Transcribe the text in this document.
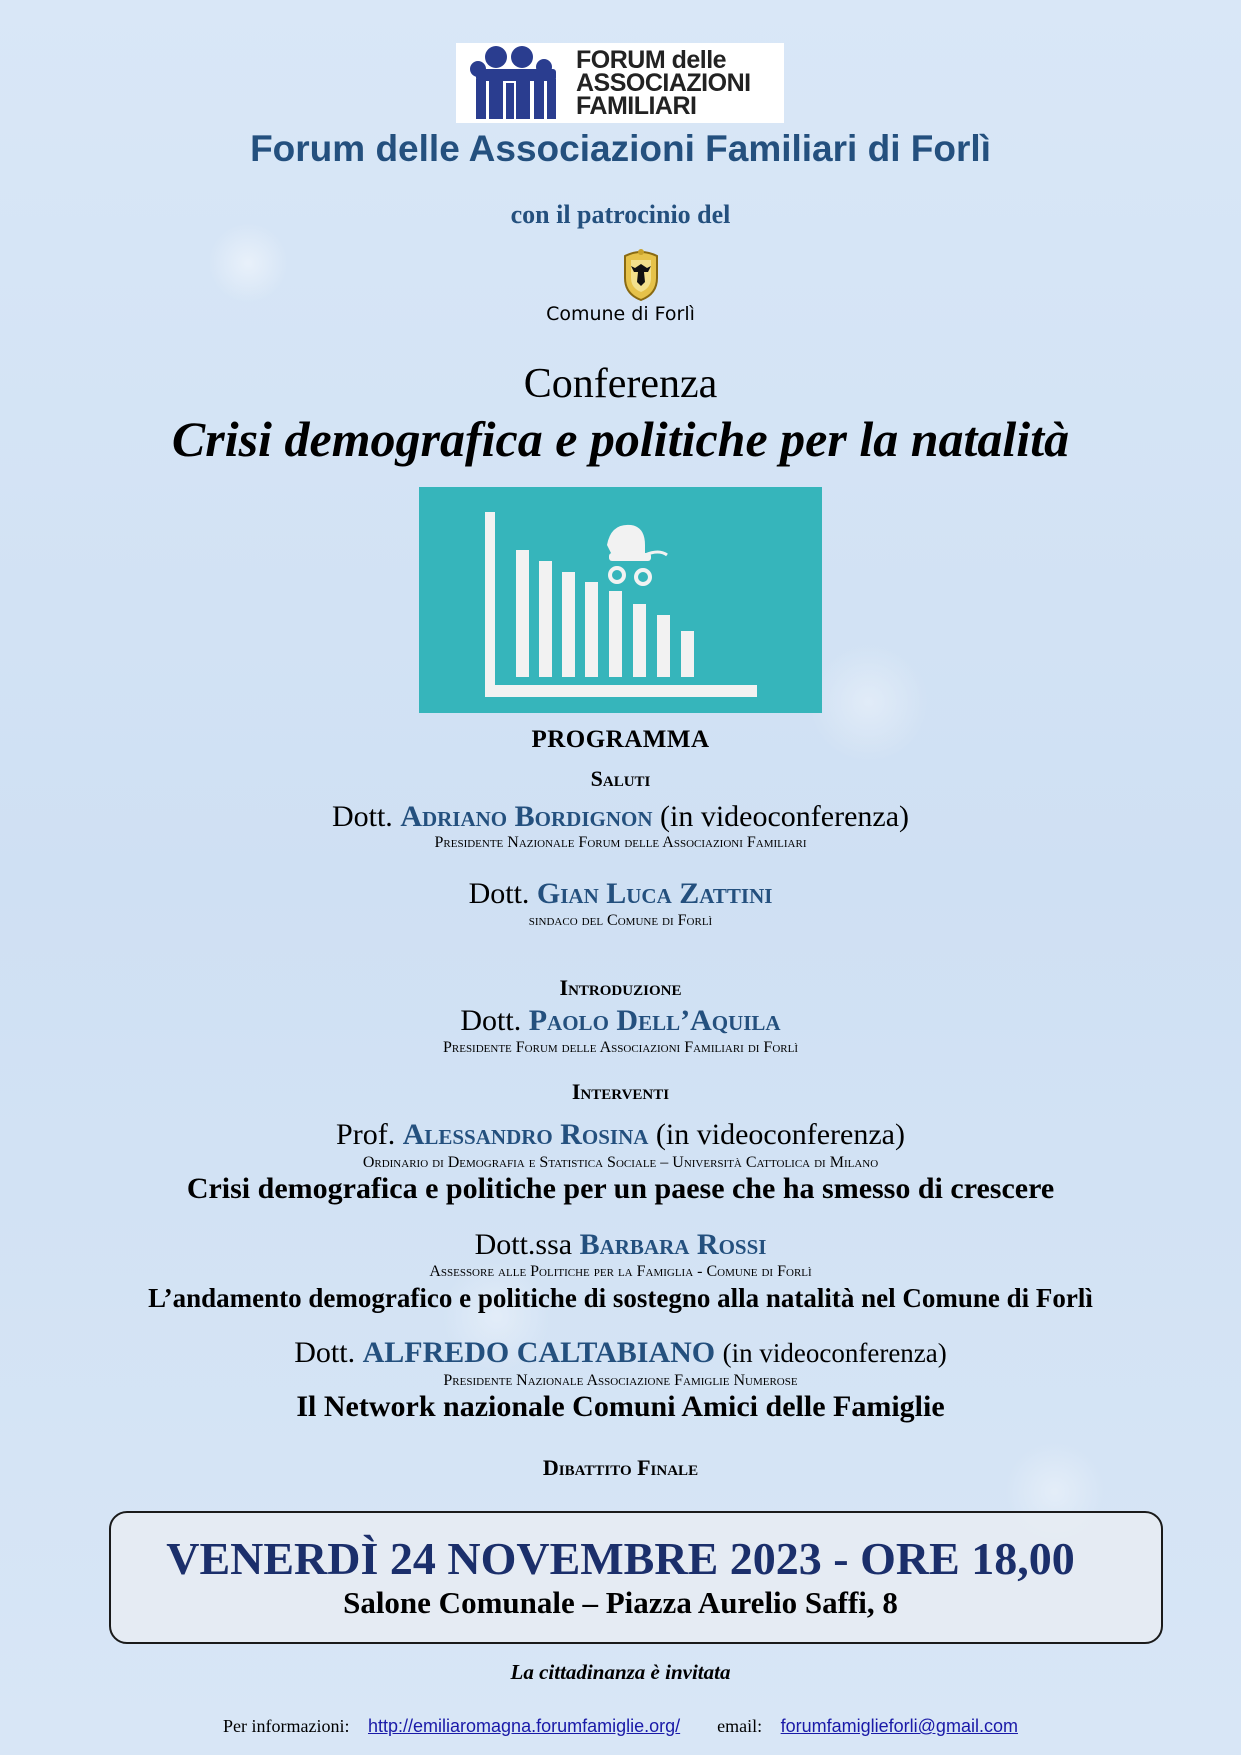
FORUM delle
ASSOCIAZIONI
FAMILIARI
Forum delle Associazioni Familiari di Forlì
con il patrocinio del
Comune di Forlì
Conferenza
Crisi demografica e politiche per la natalità
PROGRAMMA
Saluti
Dott. Adriano Bordignon (in videoconferenza)
Presidente Nazionale Forum delle Associazioni Familiari
Dott. Gian Luca Zattini
sindaco del Comune di Forlì
Introduzione
Dott. Paolo Dell’Aquila
Presidente Forum delle Associazioni Familiari di Forlì
Interventi
Prof. Alessandro Rosina (in videoconferenza)
Ordinario di Demografia e Statistica Sociale – Università Cattolica di Milano
Crisi demografica e politiche per un paese che ha smesso di crescere
Dott.ssa Barbara Rossi
Assessore alle Politiche per la Famiglia - Comune di Forlì
L’andamento demografico e politiche di sostegno alla natalità nel Comune di Forlì
Dott. ALFREDO CALTABIANO (in videoconferenza)
Presidente Nazionale Associazione Famiglie Numerose
Il Network nazionale Comuni Amici delle Famiglie
Dibattito Finale
VENERDÌ 24 NOVEMBRE 2023 - ORE 18,00
Salone Comunale – Piazza Aurelio Saffi, 8
La cittadinanza è invitata
Per informazioni: http://emiliaromagna.forumfamiglie.org/ email: forumfamiglieforli@gmail.com
